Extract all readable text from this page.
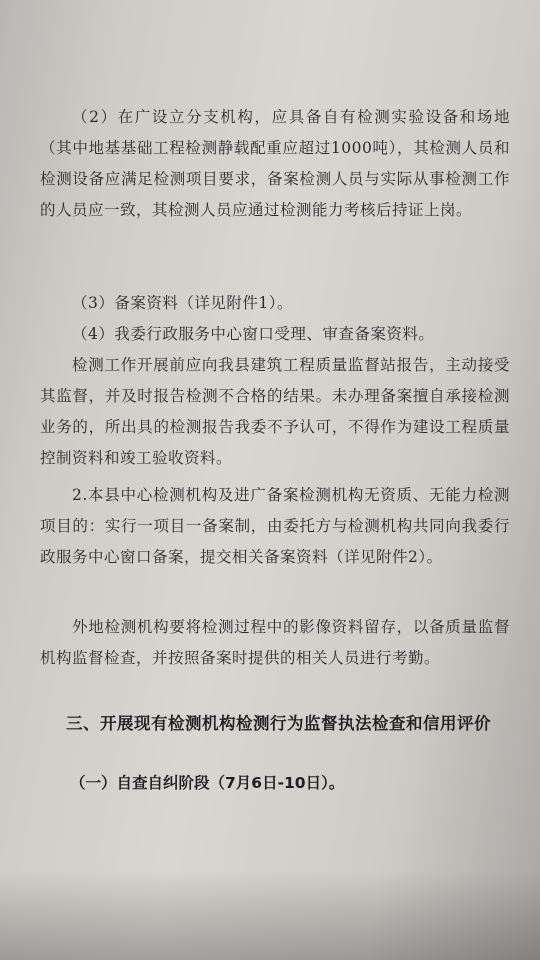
（2）在广设立分支机构，应具备自有检测实验设备和场地（其中地基基础工程检测静载配重应超过1000吨），其检测人员和检测设备应满足检测项目要求，备案检测人员与实际从事检测工作的人员应一致，其检测人员应通过检测能力考核后持证上岗。

（3）备案资料（详见附件1）。

（4）我委行政服务中心窗口受理、审查备案资料。

检测工作开展前应向我县建筑工程质量监督站报告，主动接受其监督，并及时报告检测不合格的结果。未办理备案擅自承接检测业务的，所出具的检测报告我委不予认可，不得作为建设工程质量控制资料和竣工验收资料。

2.本县中心检测机构及进广备案检测机构无资质、无能力检测项目的：实行一项目一备案制，由委托方与检测机构共同向我委行政服务中心窗口备案，提交相关备案资料（详见附件2）。

外地检测机构要将检测过程中的影像资料留存，以备质量监督机构监督检查，并按照备案时提供的相关人员进行考勤。

三、开展现有检测机构检测行为监督执法检查和信用评价
（一）自查自纠阶段（7月6日-10日）。
